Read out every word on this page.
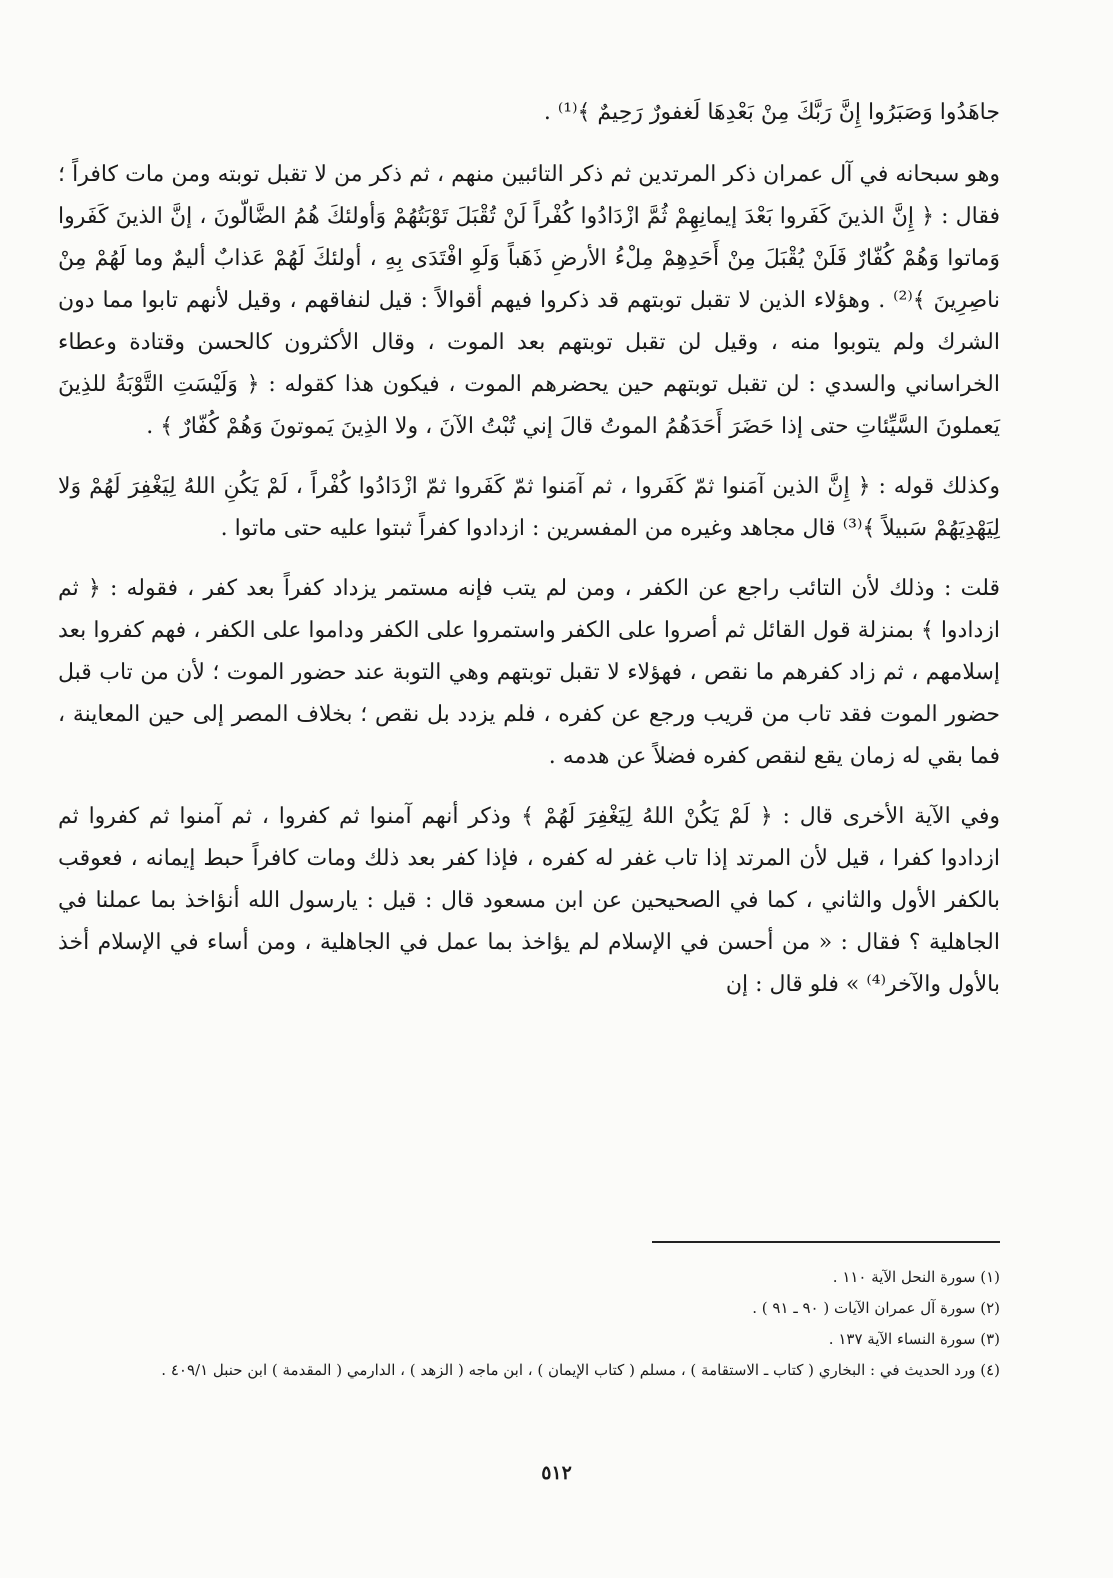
جاهَدُوا وَصَبَرُوا إِنَّ رَبَّكَ مِنْ بَعْدِهَا لَغفورٌ رَحِيمٌ ﴾⁽¹⁾ .

وهو سبحانه في آل عمران ذكر المرتدين ثم ذكر التائبين منهم ، ثم ذكر من لا تقبل توبته ومن مات كافراً ؛ فقال : ﴿ إِنَّ الذينَ كَفَروا بَعْدَ إيمانِهِمْ ثُمَّ ازْدَادُوا كُفْراً لَنْ تُقْبَلَ تَوْبَتُهُمْ وَأولئكَ هُمُ الضَّالّونَ ، إنَّ الذينَ كَفَروا وَماتوا وَهُمْ كُفّارٌ فَلَنْ يُقْبَلَ مِنْ أَحَدِهِمْ مِلْءُ الأرضِ ذَهَباً وَلَوِ افْتَدَى بِهِ ، أولئكَ لَهُمْ عَذابٌ أليمٌ وما لَهُمْ مِنْ ناصِرِينَ ﴾⁽²⁾ . وهؤلاء الذين لا تقبل توبتهم قد ذكروا فيهم أقوالاً : قيل لنفاقهم ، وقيل لأنهم تابوا مما دون الشرك ولم يتوبوا منه ، وقيل لن تقبل توبتهم بعد الموت ، وقال الأكثرون كالحسن وقتادة وعطاء الخراساني والسدي : لن تقبل توبتهم حين يحضرهم الموت ، فيكون هذا كقوله : ﴿ وَلَيْسَتِ التَّوْبَةُ للذِينَ يَعملونَ السَّيِّئاتِ حتى إذا حَضَرَ أَحَدَهُمُ الموتُ قالَ إني تُبْتُ الآنَ ، ولا الذِينَ يَموتونَ وَهُمْ كُفّارٌ ﴾ .

وكذلك قوله : ﴿ إِنَّ الذين آمَنوا ثمّ كَفَروا ، ثم آمَنوا ثمّ كَفَروا ثمّ ازْدَادُوا كُفْراً ، لَمْ يَكُنِ اللهُ لِيَغْفِرَ لَهُمْ وَلا لِيَهْدِيَهُمْ سَبيلاً ﴾⁽³⁾ قال مجاهد وغيره من المفسرين : ازدادوا كفراً ثبتوا عليه حتى ماتوا .

قلت : وذلك لأن التائب راجع عن الكفر ، ومن لم يتب فإنه مستمر يزداد كفراً بعد كفر ، فقوله : ﴿ ثم ازدادوا ﴾ بمنزلة قول القائل ثم أصروا على الكفر واستمروا على الكفر وداموا على الكفر ، فهم كفروا بعد إسلامهم ، ثم زاد كفرهم ما نقص ، فهؤلاء لا تقبل توبتهم وهي التوبة عند حضور الموت ؛ لأن من تاب قبل حضور الموت فقد تاب من قريب ورجع عن كفره ، فلم يزدد بل نقص ؛ بخلاف المصر إلى حين المعاينة ، فما بقي له زمان يقع لنقص كفره فضلاً عن هدمه .

وفي الآية الأخرى قال : ﴿ لَمْ يَكُنْ اللهُ لِيَغْفِرَ لَهُمْ ﴾ وذكر أنهم آمنوا ثم كفروا ، ثم آمنوا ثم كفروا ثم ازدادوا كفرا ، قيل لأن المرتد إذا تاب غفر له كفره ، فإذا كفر بعد ذلك ومات كافراً حبط إيمانه ، فعوقب بالكفر الأول والثاني ، كما في الصحيحين عن ابن مسعود قال : قيل : يارسول الله أنؤاخذ بما عملنا في الجاهلية ؟ فقال : « من أحسن في الإسلام لم يؤاخذ بما عمل في الجاهلية ، ومن أساء في الإسلام أخذ بالأول والآخر⁽⁴⁾ » فلو قال : إن

(١) سورة النحل الآية ١١٠ .

(٢) سورة آل عمران الآيات ( ٩٠ ـ ٩١ ) .

(٣) سورة النساء الآية ١٣٧ .

(٤) ورد الحديث في : البخاري ( كتاب ـ الاستقامة ) ، مسلم ( كتاب الإيمان ) ، ابن ماجه ( الزهد ) ، الدارمي ( المقدمة ) ابن حنبل ٤٠٩/١ .

٥١٢
